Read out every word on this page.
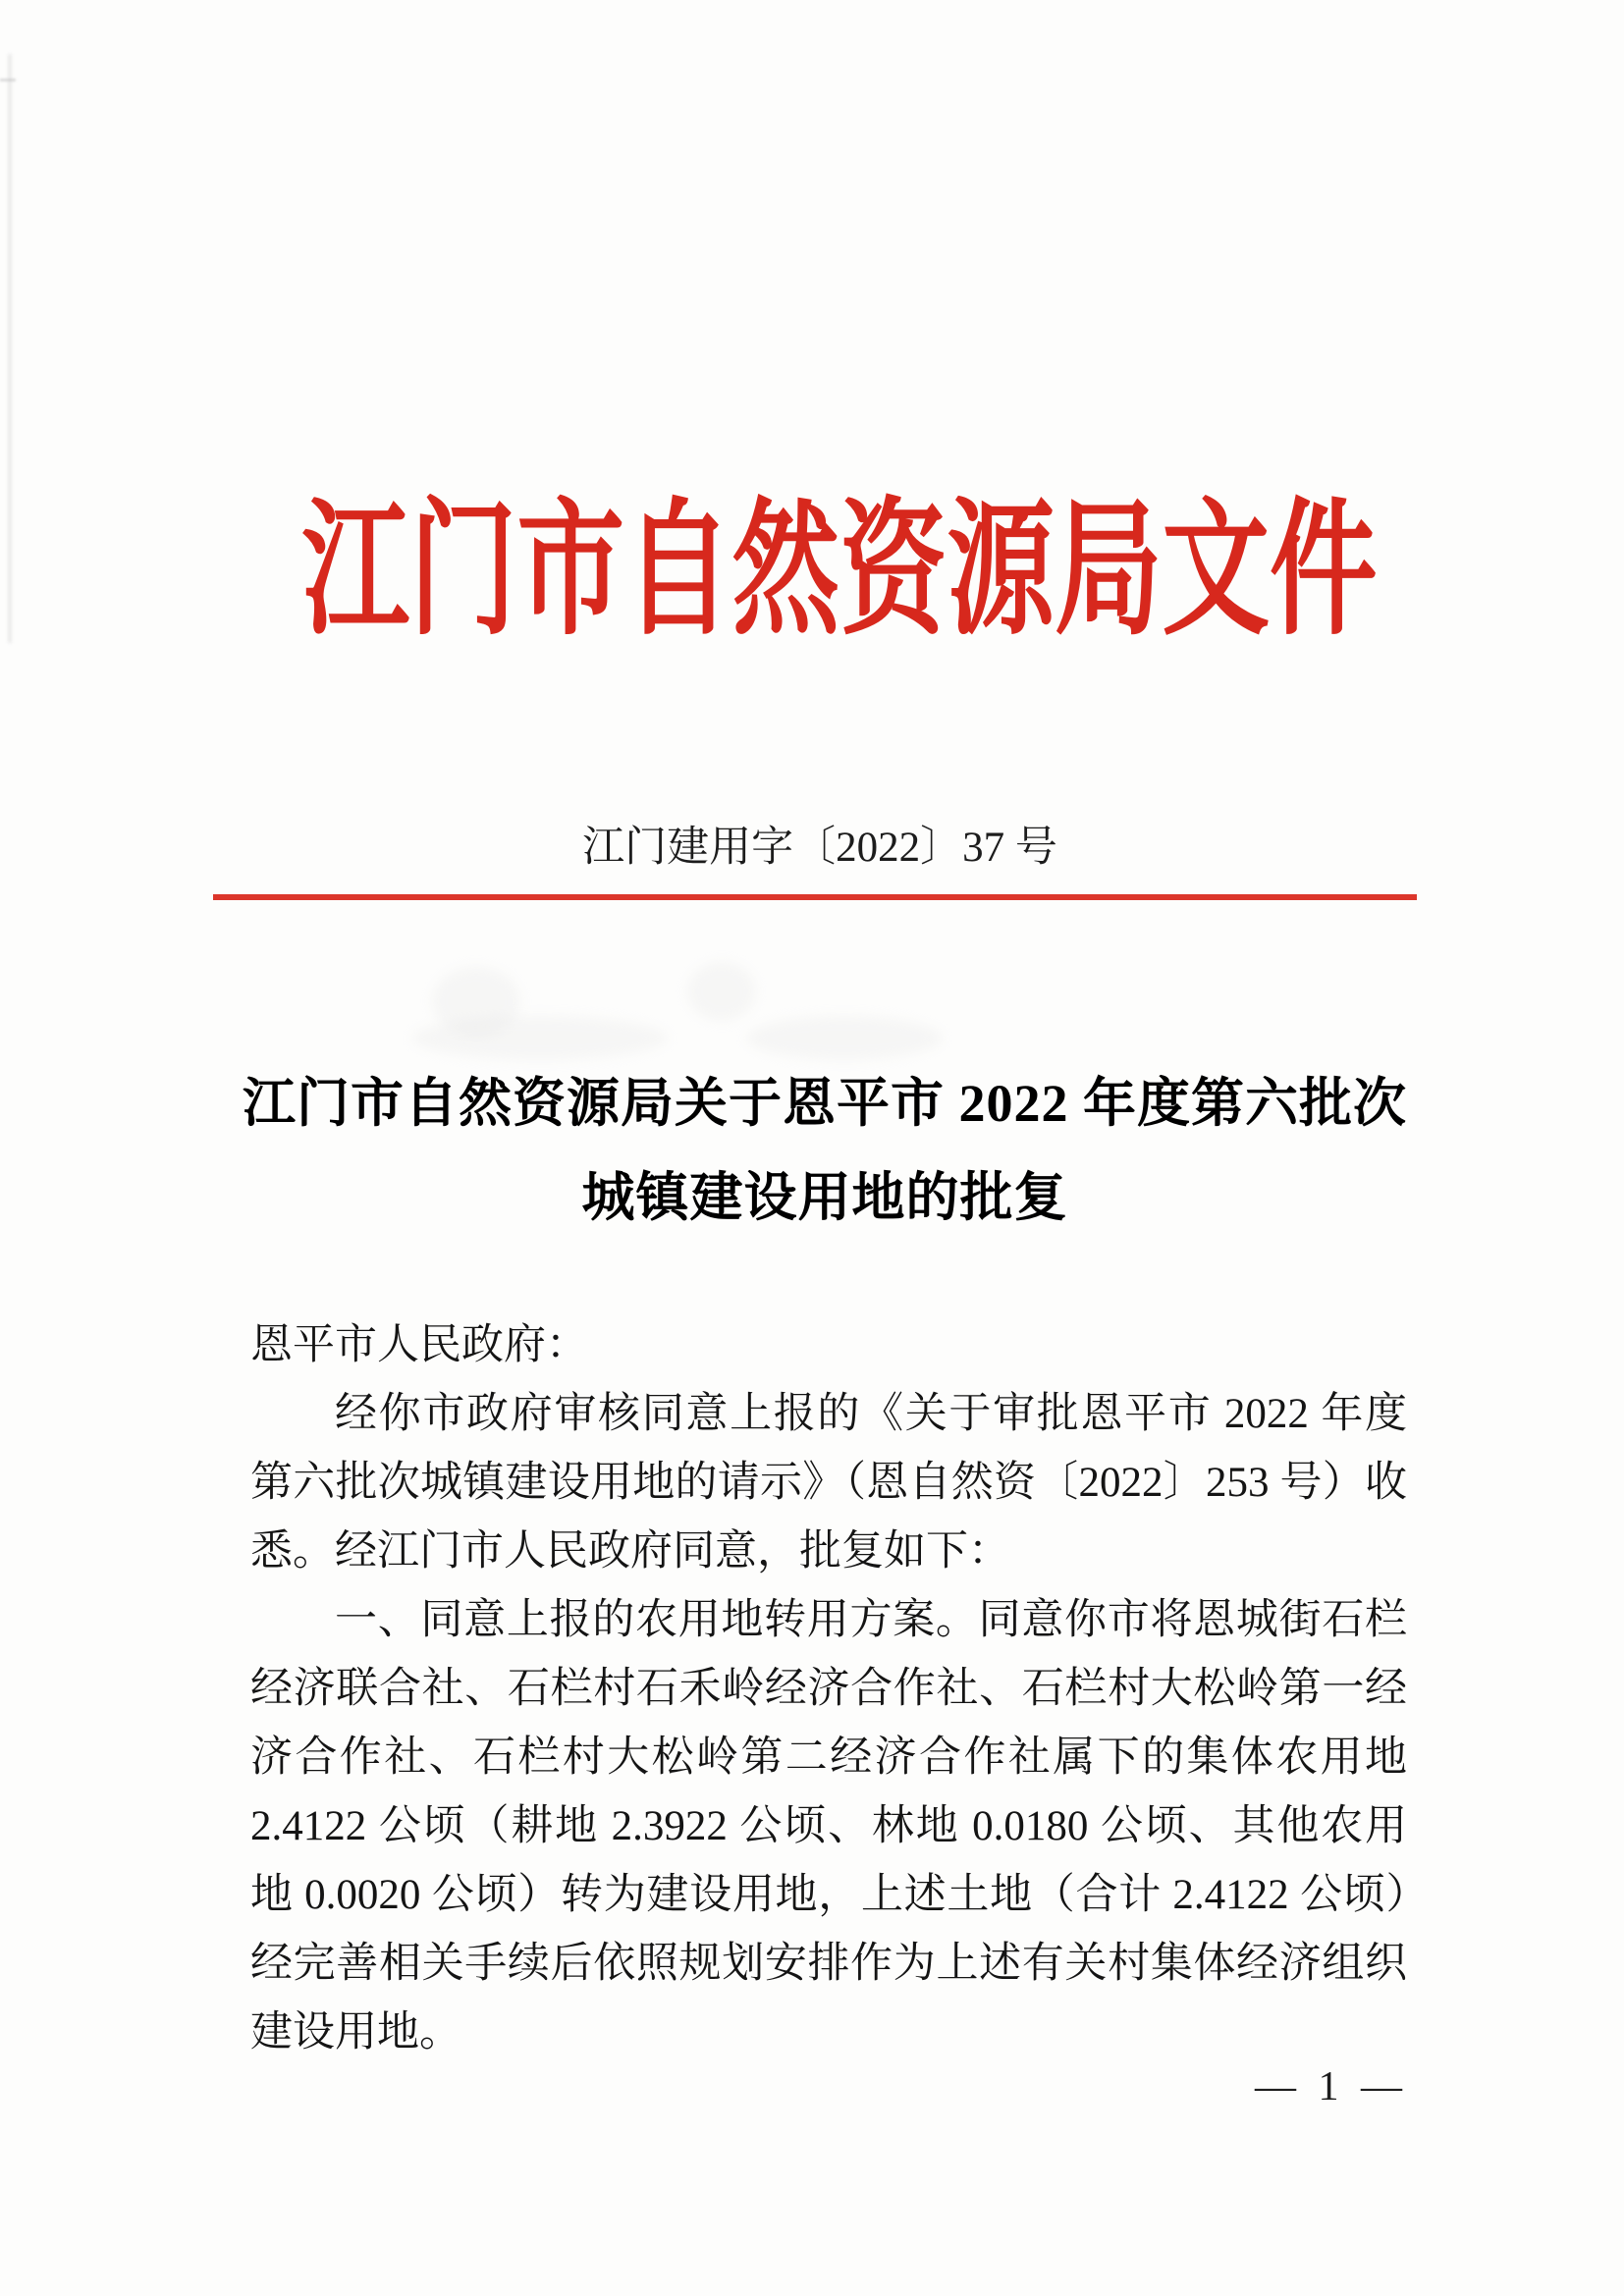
江门市自然资源局文件
江门建用字〔2022〕37 号
江门市自然资源局关于恩平市 2022 年度第六批次
城镇建设用地的批复

恩平市人民政府：

经你市政府审核同意上报的《关于审批恩平市 2022 年度第六批次城镇建设用地的请示》（恩自然资〔2022〕253 号）收悉。经江门市人民政府同意，批复如下：

一、同意上报的农用地转用方案。同意你市将恩城街石栏经济联合社、石栏村石禾岭经济合作社、石栏村大松岭第一经济合作社、石栏村大松岭第二经济合作社属下的集体农用地 2.4122 公顷（耕地 2.3922 公顷、林地 0.0180 公顷、其他农用地 0.0020 公顷）转为建设用地，上述土地（合计 2.4122 公顷）经完善相关手续后依照规划安排作为上述有关村集体经济组织建设用地。

— 1 —
